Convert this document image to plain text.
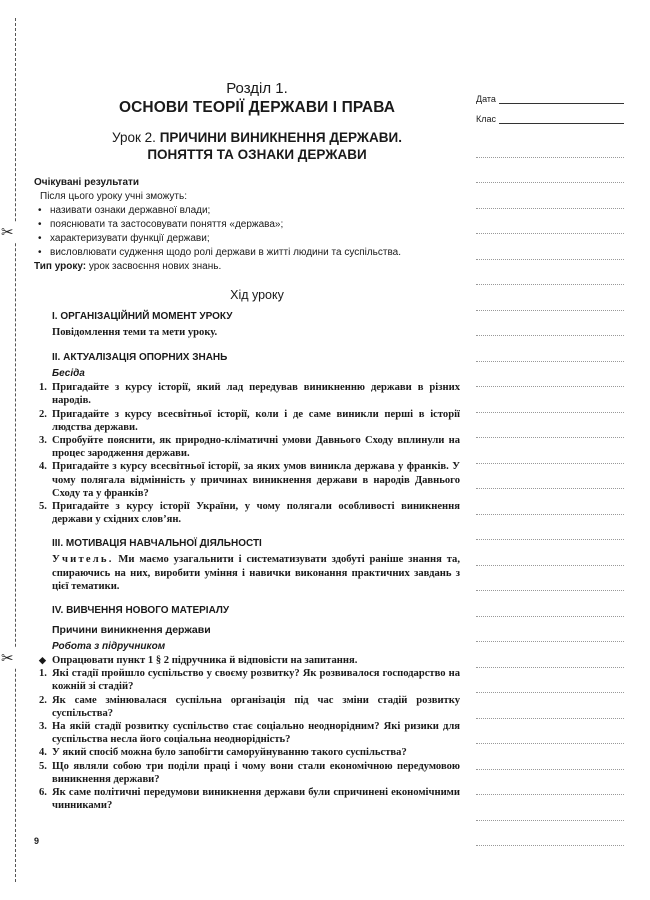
✂
✂
Дата
Клас
Розділ 1.
ОСНОВИ ТЕОРІЇ ДЕРЖАВИ І ПРАВА
Урок 2. ПРИЧИНИ ВИНИКНЕННЯ ДЕРЖАВИ.
ПОНЯТТЯ ТА ОЗНАКИ ДЕРЖАВИ
Очікувані результати
Після цього уроку учні зможуть:
• називати ознаки державної влади;
• пояснювати та застосовувати поняття «держава»;
• характеризувати функції держави;
• висловлювати судження щодо ролі держави в житті людини та суспільства.
Тип уроку: урок засвоєння нових знань.
Хід уроку
I. ОРГАНІЗАЦІЙНИЙ МОМЕНТ УРОКУ
Повідомлення теми та мети уроку.
II. АКТУАЛІЗАЦІЯ ОПОРНИХ ЗНАНЬ
Бесіда
1. Пригадайте з курсу історії, який лад передував виникненню держави в різних народів.
2. Пригадайте з курсу всесвітньої історії, коли і де саме виникли перші в історії людства держави.
3. Спробуйте пояснити, як природно-кліматичні умови Давнього Сходу вплинули на процес зародження держави.
4. Пригадайте з курсу всесвітньої історії, за яких умов виникла держава у франків. У чому полягала відмінність у причинах виникнення держави в народів Давнього Сходу та у франків?
5. Пригадайте з курсу історії України, у чому полягали особливості виникнення держави у східних слов’ян.
III. МОТИВАЦІЯ НАВЧАЛЬНОЇ ДІЯЛЬНОСТІ
Учитель. Ми маємо узагальнити і систематизувати здобуті раніше знання та, спираючись на них, виробити уміння і навички виконання практичних завдань з цієї тематики.
IV. ВИВЧЕННЯ НОВОГО МАТЕРІАЛУ
Причини виникнення держави
Робота з підручником
◆ Опрацювати пункт 1 § 2 підручника й відповісти на запитання.
1. Які стадії пройшло суспільство у своєму розвитку? Як розвивалося господарство на кожній зі стадій?
2. Як саме змінювалася суспільна організація під час зміни стадій розвитку суспільства?
3. На якій стадії розвитку суспільство стає соціально неоднорідним? Які ризики для суспільства несла його соціальна неоднорідність?
4. У який спосіб можна було запобігти саморуйнуванню такого суспільства?
5. Що являли собою три поділи праці і чому вони стали економічною передумовою виникнення держави?
6. Як саме політичні передумови виникнення держави були спричинені економічними чинниками?
9
